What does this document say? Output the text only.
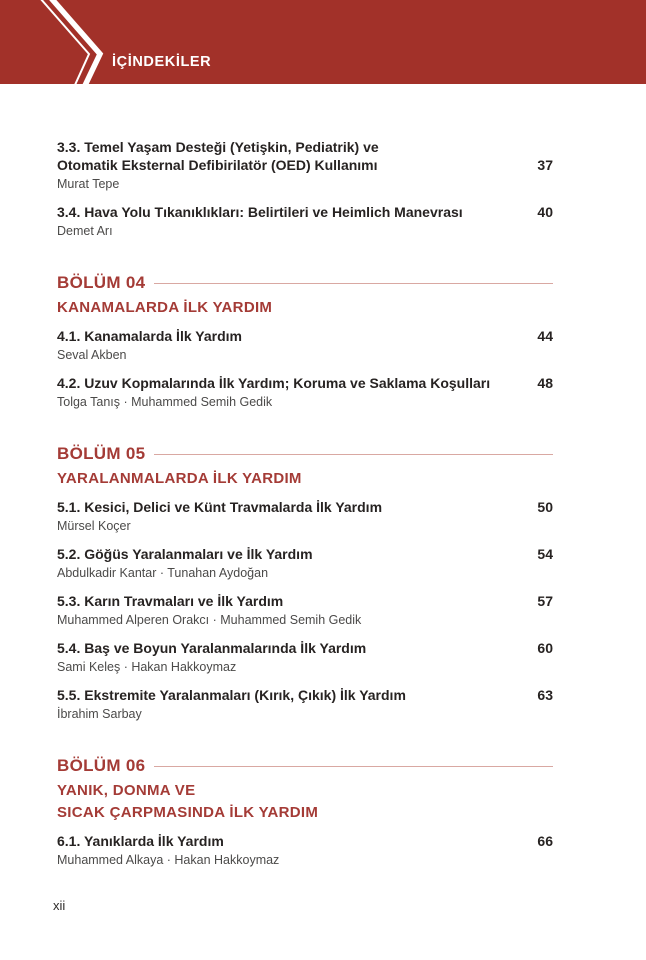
İÇİNDEKİLER
3.3. Temel Yaşam Desteği (Yetişkin, Pediatrik) ve
Otomatik Eksternal Defibirilatör (OED) Kullanımı	37
Murat Tepe
3.4. Hava Yolu Tıkanıklıkları: Belirtileri ve Heimlich Manevrası	40
Demet Arı
BÖLÜM 04
KANAMALARDA İLK YARDIM
4.1. Kanamalarda İlk Yardım	44
Seval Akben
4.2. Uzuv Kopmalarında İlk Yardım; Koruma ve Saklama Koşulları	48
Tolga Tanış · Muhammed Semih Gedik
BÖLÜM 05
YARALANMALARDA İLK YARDIM
5.1. Kesici, Delici ve Künt Travmalarda İlk Yardım	50
Mürsel Koçer
5.2. Göğüs Yaralanmaları ve İlk Yardım	54
Abdulkadir Kantar · Tunahan Aydoğan
5.3. Karın Travmaları ve İlk Yardım	57
Muhammed Alperen Orakcı · Muhammed Semih Gedik
5.4. Baş ve Boyun Yaralanmalarında İlk Yardım	60
Sami Keleş · Hakan Hakkoymaz
5.5. Ekstremite Yaralanmaları (Kırık, Çıkık) İlk Yardım	63
İbrahim Sarbay
BÖLÜM 06
YANIK, DONMA VE
SICAK ÇARPMASINDA İLK YARDIM
6.1. Yanıklarda İlk Yardım	66
Muhammed Alkaya · Hakan Hakkoymaz
xii
